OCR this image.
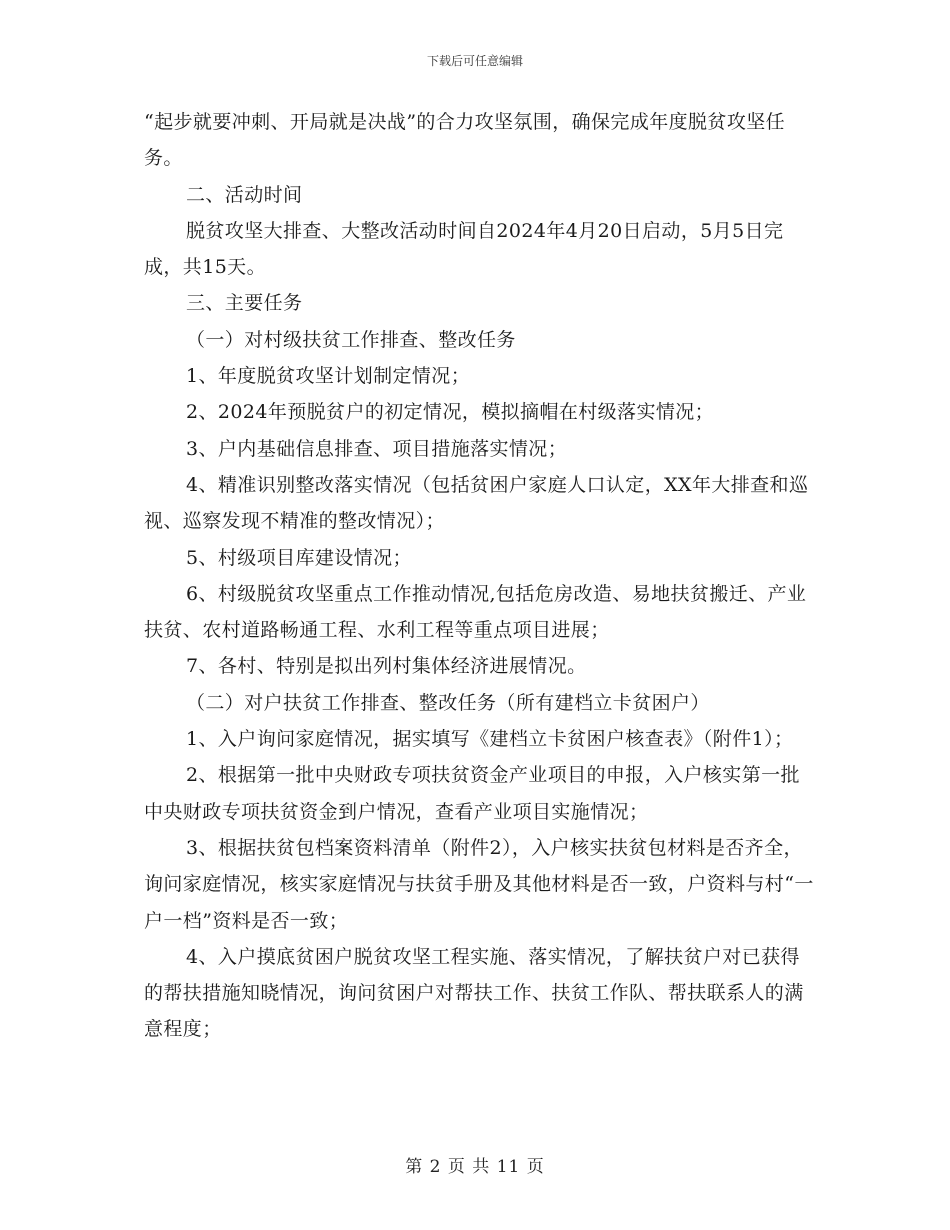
下载后可任意编辑

“起步就要冲刺、开局就是决战”的合力攻坚氛围，确保完成年度脱贫攻坚任务。

二、活动时间

脱贫攻坚大排查、大整改活动时间自2024年4月20日启动，5月5日完成，共15天。

三、主要任务

（一）对村级扶贫工作排查、整改任务

1、年度脱贫攻坚计划制定情况；

2、2024年预脱贫户的初定情况，模拟摘帽在村级落实情况；

3、户内基础信息排查、项目措施落实情况；

4、精准识别整改落实情况（包括贫困户家庭人口认定，XX年大排查和巡视、巡察发现不精准的整改情况）；

5、村级项目库建设情况；

6、村级脱贫攻坚重点工作推动情况,包括危房改造、易地扶贫搬迁、产业扶贫、农村道路畅通工程、水利工程等重点项目进展；

7、各村、特别是拟出列村集体经济进展情况。

（二）对户扶贫工作排查、整改任务（所有建档立卡贫困户）

1、入户询问家庭情况，据实填写《建档立卡贫困户核查表》（附件1）；

2、根据第一批中央财政专项扶贫资金产业项目的申报，入户核实第一批中央财政专项扶贫资金到户情况，查看产业项目实施情况；

3、根据扶贫包档案资料清单（附件2），入户核实扶贫包材料是否齐全，询问家庭情况，核实家庭情况与扶贫手册及其他材料是否一致，户资料与村“一户一档”资料是否一致；

4、入户摸底贫困户脱贫攻坚工程实施、落实情况，了解扶贫户对已获得的帮扶措施知晓情况，询问贫困户对帮扶工作、扶贫工作队、帮扶联系人的满意程度；

第 2 页 共 11 页
